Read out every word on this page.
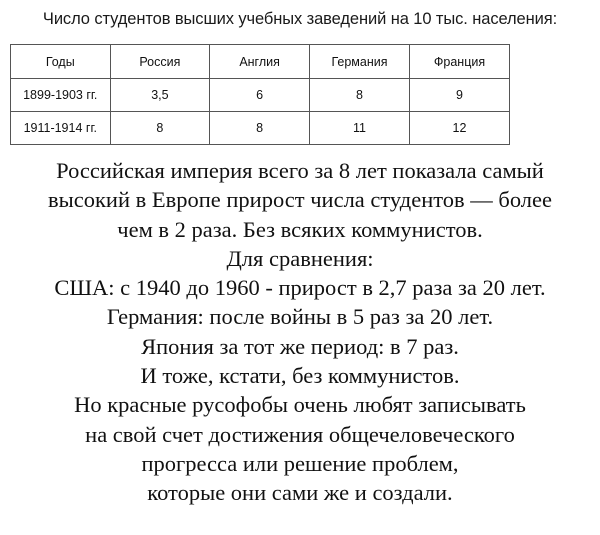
Число студентов высших учебных заведений на 10 тыс. населения:
Годы	Россия	Англия	Германия	Франция
1899-1903 гг.	3,5	6	8	9
1911-1914 гг.	8	8	11	12
Российская империя всего за 8 лет показала самый
высокий в Европе прирост числа студентов — более
чем в 2 раза. Без всяких коммунистов.
Для сравнения:
США: с 1940 до 1960 - прирост в 2,7 раза за 20 лет.
Германия: после войны в 5 раз за 20 лет.
Япония за тот же период: в 7 раз.
И тоже, кстати, без коммунистов.
Но красные русофобы очень любят записывать
на свой счет достижения общечеловеческого
прогресса или решение проблем,
которые они сами же и создали.
